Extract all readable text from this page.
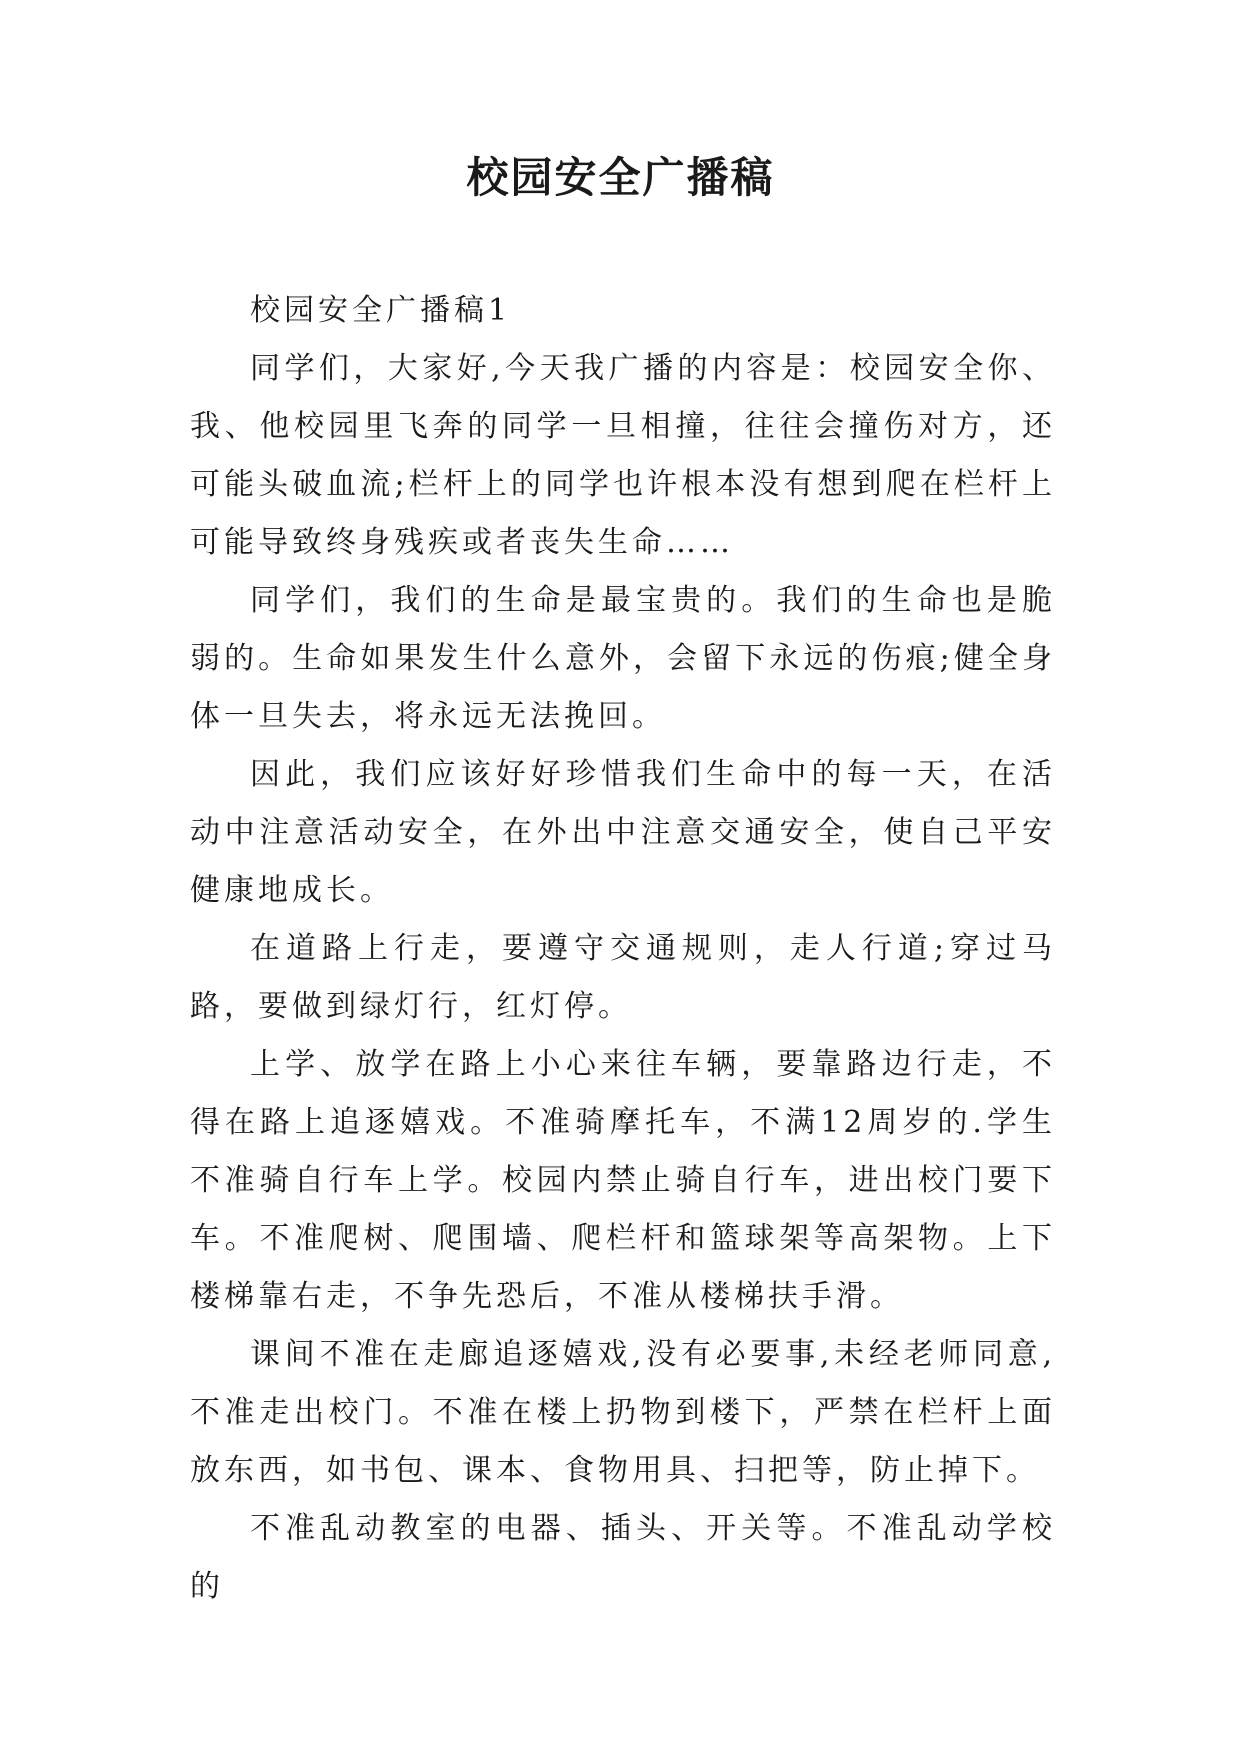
校园安全广播稿

校园安全广播稿1

同学们，大家好,今天我广播的内容是：校园安全你、我、他校园里飞奔的同学一旦相撞，往往会撞伤对方，还可能头破血流;栏杆上的同学也许根本没有想到爬在栏杆上可能导致终身残疾或者丧失生命……

同学们，我们的生命是最宝贵的。我们的生命也是脆弱的。生命如果发生什么意外，会留下永远的伤痕;健全身体一旦失去，将永远无法挽回。

因此，我们应该好好珍惜我们生命中的每一天，在活动中注意活动安全，在外出中注意交通安全，使自己平安健康地成长。

在道路上行走，要遵守交通规则，走人行道;穿过马路，要做到绿灯行，红灯停。

上学、放学在路上小心来往车辆，要靠路边行走，不得在路上追逐嬉戏。不准骑摩托车，不满12周岁的.学生不准骑自行车上学。校园内禁止骑自行车，进出校门要下车。不准爬树、爬围墙、爬栏杆和篮球架等高架物。上下楼梯靠右走，不争先恐后，不准从楼梯扶手滑。

课间不准在走廊追逐嬉戏,没有必要事,未经老师同意,不准走出校门。不准在楼上扔物到楼下，严禁在栏杆上面放东西，如书包、课本、食物用具、扫把等，防止掉下。

不准乱动教室的电器、插头、开关等。不准乱动学校的
